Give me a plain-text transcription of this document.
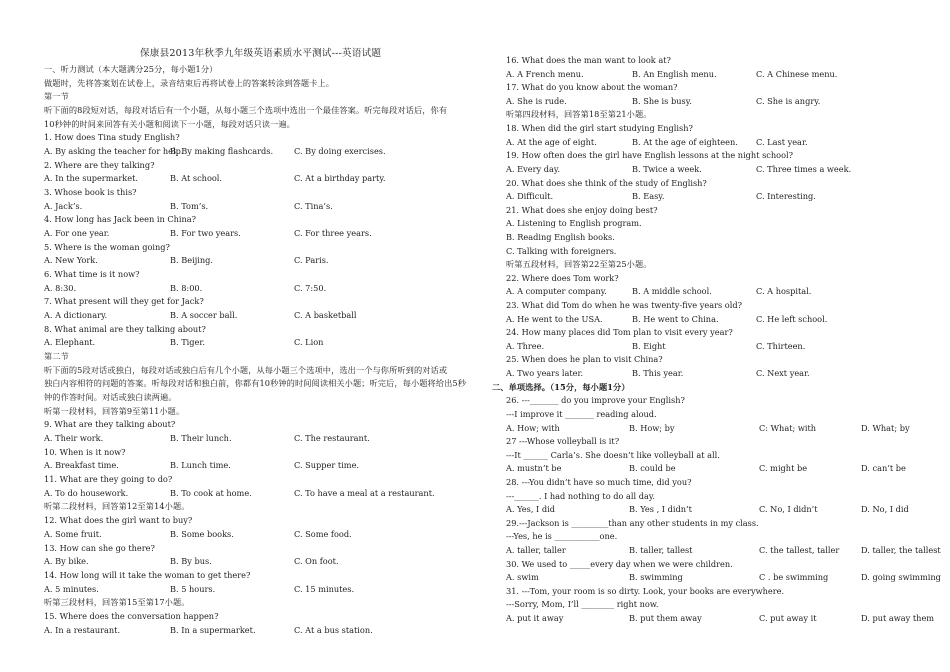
保康县2013年秋季九年级英语素质水平测试---英语试题
一、听力测试（本大题满分25分，每小题1分）
做题时，先将答案划在试卷上，录音结束后再将试卷上的答案转涂到答题卡上。
第一节
听下面的8段短对话，每段对话后有一个小题，从每小题三个选项中选出一个最佳答案。听完每段对话后，你有
10秒钟的时间来回答有关小题和阅读下一小题，每段对话只读一遍。
1. How does Tina study English?
A. By asking the teacher for help.
B. By making flashcards.	C. By doing exercises.
2. Where are they talking?
A. In the supermarket.	B. At school.	C. At a birthday party.
3. Whose book is this?
A. Jack’s.	B. Tom’s.	C. Tina’s.
4. How long has Jack been in China?
A. For one year.	B. For two years.	C. For three years.
5. Where is the woman going?
A. New York.	B. Beijing.	C. Paris.
6. What time is it now?
A. 8:30.	B. 8:00.	C. 7:50.
7. What present will they get for Jack?
A. A dictionary.	B. A soccer ball.	C. A basketball
8. What animal are they talking about?
A. Elephant.	B. Tiger.	C. Lion
第二节
听下面的5段对话或独白，每段对话或独白后有几个小题，从每小题三个选项中，选出一个与你所听到的对话或
独白内容相符的问题的答案。听每段对话和独白前，你都有10秒钟的时间阅读相关小题；听完后，每小题将给出5秒
钟的作答时间。对话或独白读两遍。
听第一段材料，回答第9至第11小题。
9. What are they talking about?
A. Their work.	B. Their lunch.	C. The restaurant.
10. When is it now?
A. Breakfast time.	B. Lunch time.	C. Supper time.
11. What are they going to do?
A. To do housework.	B. To cook at home.	C. To have a meal at a restaurant.
听第二段材料，回答第12至第14小题。
12. What does the girl want to buy?
A. Some fruit.	B. Some books.	C. Some food.
13. How can she go there?
A. By bike.	B. By bus.	C. On foot.
14. How long will it take the woman to get there?
A. 5 minutes.	B. 5 hours.	C. 15 minutes.
听第三段材料，回答第15至第17小题。
15. Where does the conversation happen?
A. In a restaurant.	B. In a supermarket.	C. At a bus station.
16. What does the man want to look at?
A. A French menu.	B. An English menu.	C. A Chinese menu.
17. What do you know about the woman?
A. She is rude.	B. She is busy.	C. She is angry.
听第四段材料，回答第18至第21小题。
18. When did the girl start studying English?
A. At the age of eight.	B. At the age of eighteen. C. Last year.
19. How often does the girl have English lessons at the night school?
A. Every day.	B. Twice a week.	C. Three times a week.
20. What does she think of the study of English?
A. Difficult.	B. Easy.	C. Interesting.
21. What does she enjoy doing best?
A. Listening to English program.
B. Reading English books.
C. Talking with foreigners.
听第五段材料，回答第22至第25小题。
22. Where does Tom work?
A. A computer company.	B. A middle school.	C. A hospital.
23. What did Tom do when he was twenty-five years old?
A. He went to the USA.	B. He went to China.	C. He left school.
24. How many places did Tom plan to visit every year?
A. Three.	B. Eight	C. Thirteen.
25. When does he plan to visit China?
A. Two years later.	B. This year.	C. Next year.
二、单项选择。（15分，每小题1分）
26. ---_______ do you improve your English?
---I improve it _______ reading aloud.
A. How; with	B. How; by	C: What; with	D. What; by
27 ---Whose volleyball is it?
---It ______ Carla’s. She doesn’t like volleyball at all.
A. mustn’t be	B. could be	C. might be	D. can’t be
28. ---You didn’t have so much time, did you?
---______. I had nothing to do all day.
A. Yes, I did	B. Yes , I didn’t	C. No, I didn’t	D. No, I did
29.---Jackson is _________than any other students in my class.
---Yes, he is ___________one.
A. taller, taller	B. taller, tallest	C. the tallest, taller	D. taller, the tallest
30. We used to _____every day when we were children.
A. swim	B. swimming	C . be swimming	D. going swimming
31. ---Tom, your room is so dirty. Look, your books are everywhere.
---Sorry, Mom, I’ll ________ right now.
A. put it away	B. put them away	C. put away it	D. put away them
